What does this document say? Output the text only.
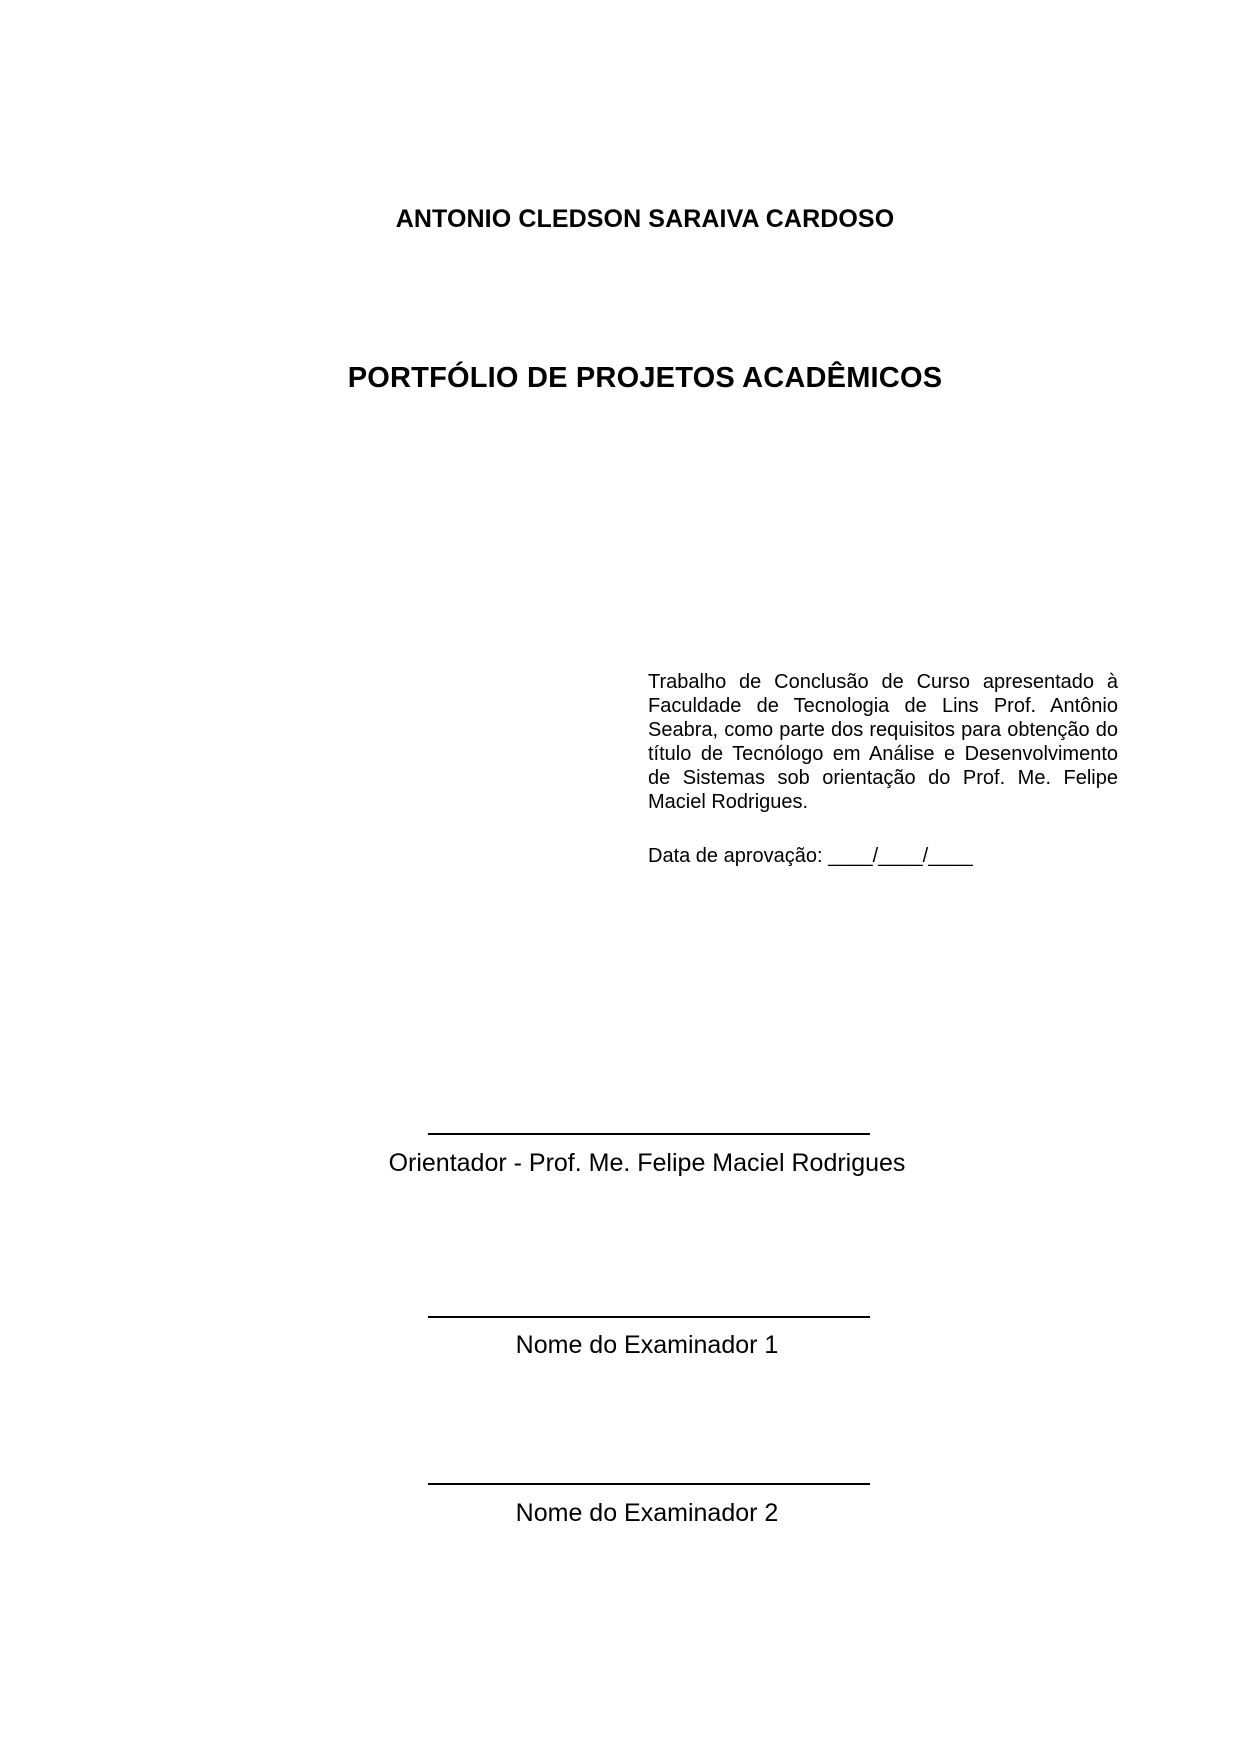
ANTONIO CLEDSON SARAIVA CARDOSO
PORTFÓLIO DE PROJETOS ACADÊMICOS
Trabalho de Conclusão de Curso apresentado à Faculdade de Tecnologia de Lins Prof. Antônio Seabra, como parte dos requisitos para obtenção do título de Tecnólogo em Análise e Desenvolvimento de Sistemas sob orientação do Prof. Me. Felipe Maciel Rodrigues.
Data de aprovação: ____/____/____
Orientador - Prof. Me. Felipe Maciel Rodrigues
Nome do Examinador 1
Nome do Examinador 2
